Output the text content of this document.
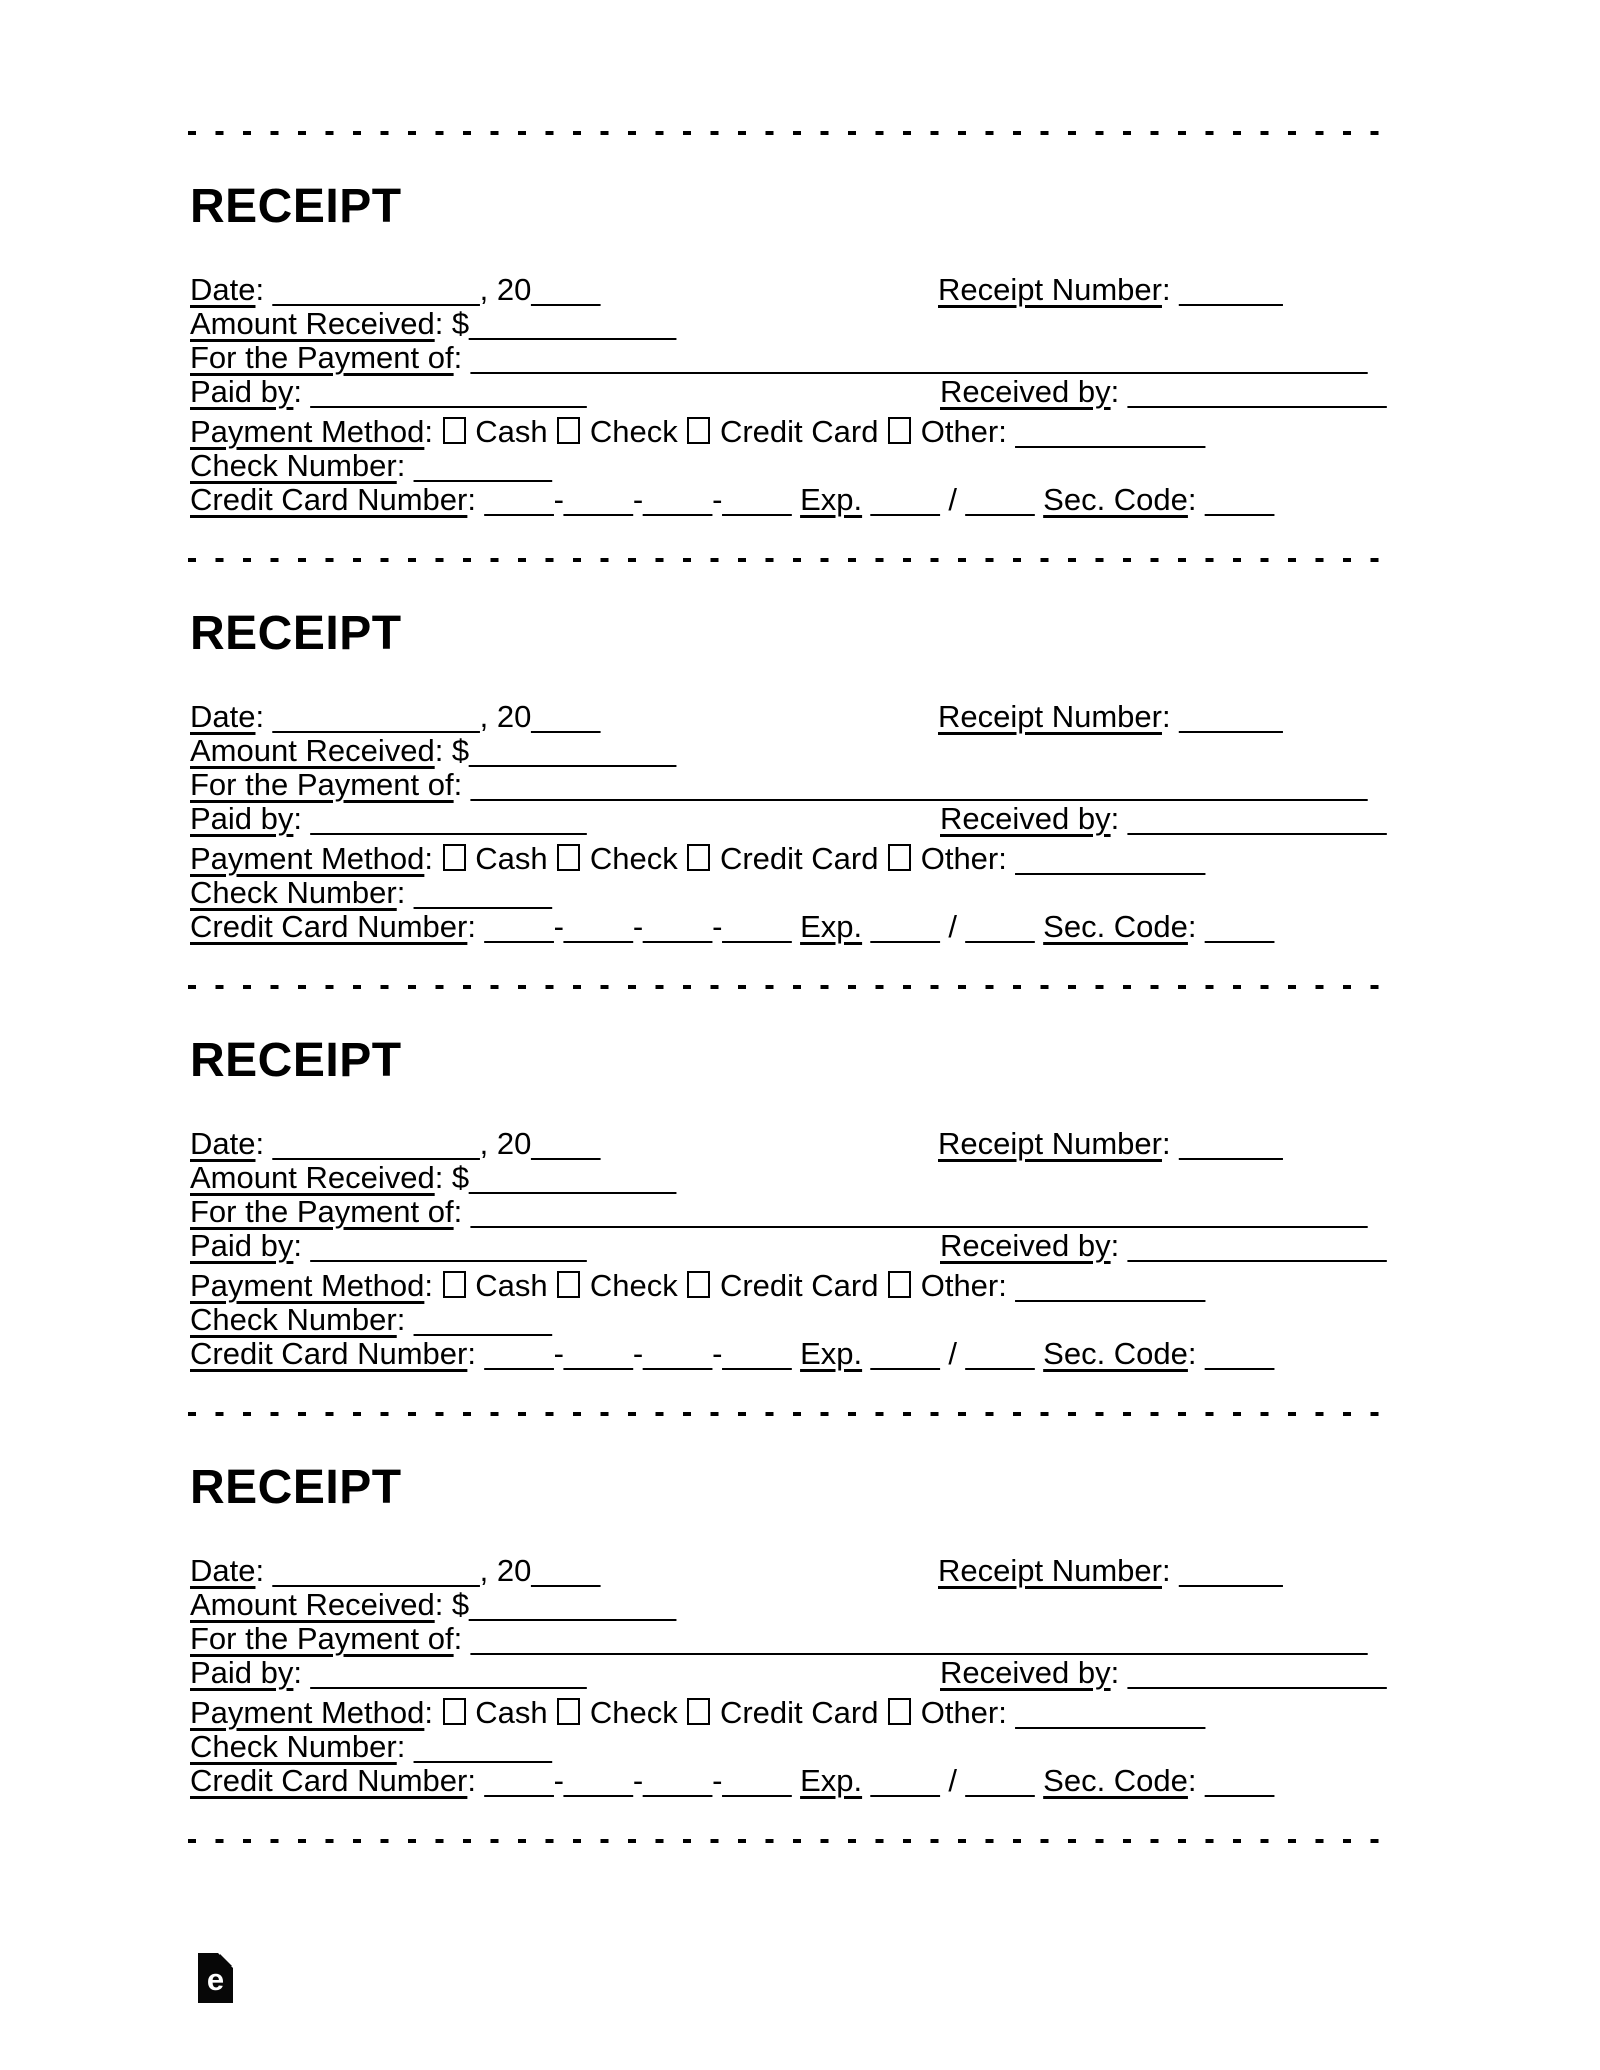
RECEIPT
Date: ____________, 20____	Receipt Number: ______
Amount Received: $____________
For the Payment of: ____________________________________________________
Paid by: ________________	Received by: _______________
Payment Method:  Cash Check Credit Card Other: ___________
Check Number: ________
Credit Card Number: ____-____-____-____ Exp. ____ / ____ Sec. Code: ____
RECEIPT
Date: ____________, 20____	Receipt Number: ______
Amount Received: $____________
For the Payment of: ____________________________________________________
Paid by: ________________	Received by: _______________
Payment Method:  Cash Check Credit Card Other: ___________
Check Number: ________
Credit Card Number: ____-____-____-____ Exp. ____ / ____ Sec. Code: ____
RECEIPT
Date: ____________, 20____	Receipt Number: ______
Amount Received: $____________
For the Payment of: ____________________________________________________
Paid by: ________________	Received by: _______________
Payment Method:  Cash Check Credit Card Other: ___________
Check Number: ________
Credit Card Number: ____-____-____-____ Exp. ____ / ____ Sec. Code: ____
RECEIPT
Date: ____________, 20____	Receipt Number: ______
Amount Received: $____________
For the Payment of: ____________________________________________________
Paid by: ________________	Received by: _______________
Payment Method:  Cash Check Credit Card Other: ___________
Check Number: ________
Credit Card Number: ____-____-____-____ Exp. ____ / ____ Sec. Code: ____
e
